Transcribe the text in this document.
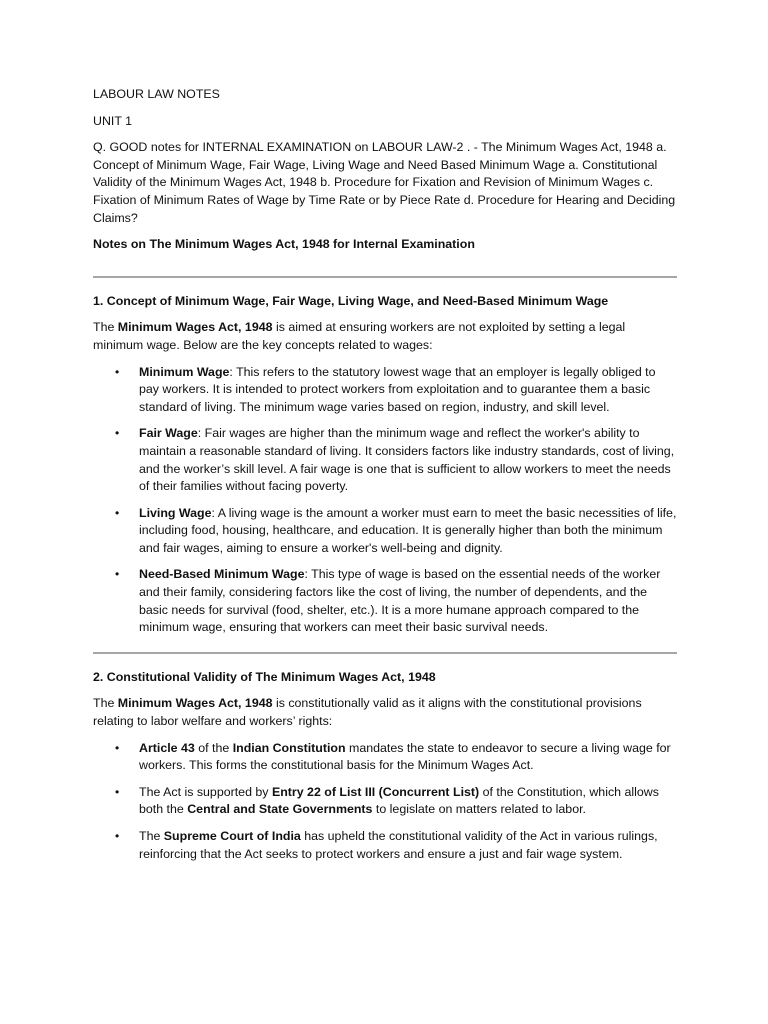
LABOUR LAW NOTES

UNIT 1

Q. GOOD notes for INTERNAL EXAMINATION on LABOUR LAW-2 . - The Minimum Wages Act, 1948 a. Concept of Minimum Wage, Fair Wage, Living Wage and Need Based Minimum Wage a. Constitutional Validity of the Minimum Wages Act, 1948 b. Procedure for Fixation and Revision of Minimum Wages c. Fixation of Minimum Rates of Wage by Time Rate or by Piece Rate d. Procedure for Hearing and Deciding Claims?

Notes on The Minimum Wages Act, 1948 for Internal Examination

1. Concept of Minimum Wage, Fair Wage, Living Wage, and Need-Based Minimum Wage

The Minimum Wages Act, 1948 is aimed at ensuring workers are not exploited by setting a legal minimum wage. Below are the key concepts related to wages:

• Minimum Wage: This refers to the statutory lowest wage that an employer is legally obliged to pay workers. It is intended to protect workers from exploitation and to guarantee them a basic standard of living. The minimum wage varies based on region, industry, and skill level.
• Fair Wage: Fair wages are higher than the minimum wage and reflect the worker's ability to maintain a reasonable standard of living. It considers factors like industry standards, cost of living, and the worker’s skill level. A fair wage is one that is sufficient to allow workers to meet the needs of their families without facing poverty.
• Living Wage: A living wage is the amount a worker must earn to meet the basic necessities of life, including food, housing, healthcare, and education. It is generally higher than both the minimum and fair wages, aiming to ensure a worker's well-being and dignity.
• Need-Based Minimum Wage: This type of wage is based on the essential needs of the worker and their family, considering factors like the cost of living, the number of dependents, and the basic needs for survival (food, shelter, etc.). It is a more humane approach compared to the minimum wage, ensuring that workers can meet their basic survival needs.

2. Constitutional Validity of The Minimum Wages Act, 1948

The Minimum Wages Act, 1948 is constitutionally valid as it aligns with the constitutional provisions relating to labor welfare and workers’ rights:

• Article 43 of the Indian Constitution mandates the state to endeavor to secure a living wage for workers. This forms the constitutional basis for the Minimum Wages Act.
• The Act is supported by Entry 22 of List III (Concurrent List) of the Constitution, which allows both the Central and State Governments to legislate on matters related to labor.
• The Supreme Court of India has upheld the constitutional validity of the Act in various rulings, reinforcing that the Act seeks to protect workers and ensure a just and fair wage system.
